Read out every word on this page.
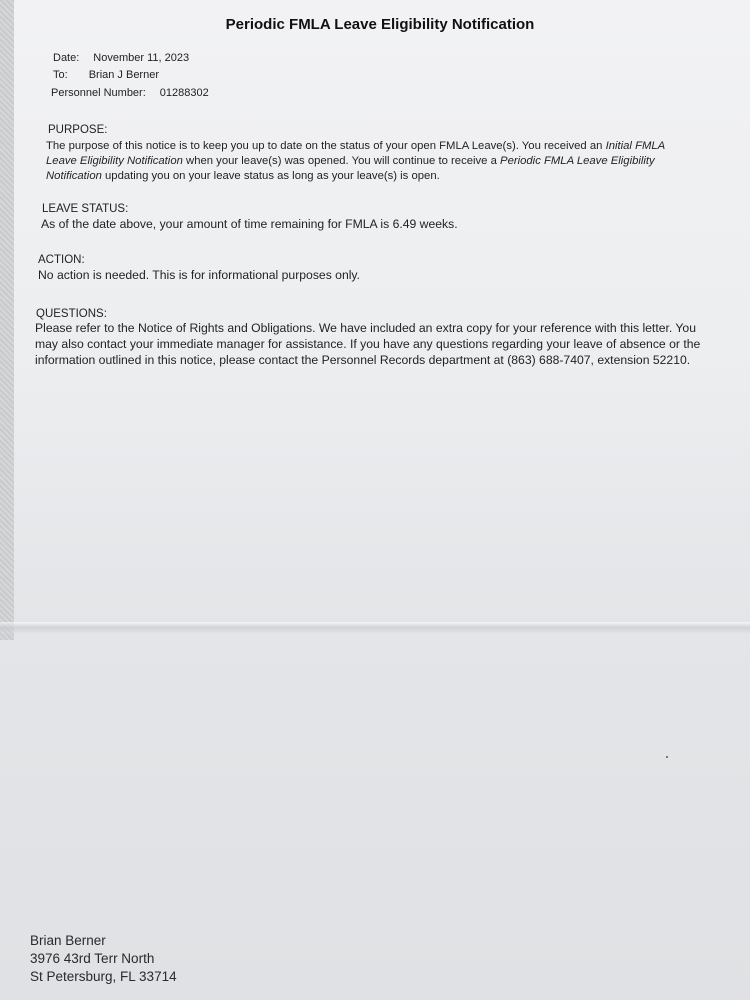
Periodic FMLA Leave Eligibility Notification
Date: November 11, 2023
To: Brian J Berner
Personnel Number: 01288302
PURPOSE:
The purpose of this notice is to keep you up to date on the status of your open FMLA Leave(s). You received an Initial FMLA
Leave Eligibility Notification when your leave(s) was opened. You will continue to receive a Periodic FMLA Leave Eligibility
Notification updating you on your leave status as long as your leave(s) is open.
LEAVE STATUS:
As of the date above, your amount of time remaining for FMLA is 6.49 weeks.
ACTION:
No action is needed. This is for informational purposes only.
QUESTIONS:
Please refer to the Notice of Rights and Obligations. We have included an extra copy for your reference with this letter. You
may also contact your immediate manager for assistance. If you have any questions regarding your leave of absence or the
information outlined in this notice, please contact the Personnel Records department at (863) 688-7407, extension 52210.
Brian Berner
3976 43rd Terr North
St Petersburg, FL 33714
